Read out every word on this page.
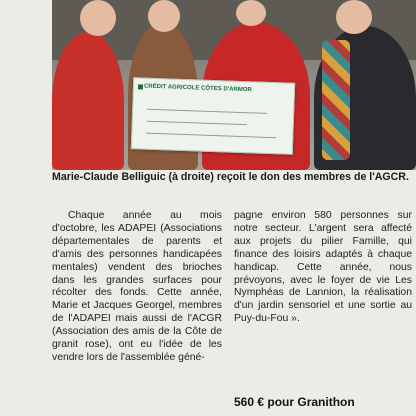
CRÉDIT AGRICOLE CÔTES D'ARMOR
Marie-Claude Belliguic (à droite) reçoit le don des membres de l'AGCR.

Chaque année au mois d'octobre, les ADAPEI (Associations départementales de parents et d'amis des personnes handicapées mentales) vendent des brioches dans les grandes surfaces pour récolter des fonds. Cette année, Marie et Jacques Georgel, membres de l'ADAPEI mais aussi de l'ACGR (Association des amis de la Côte de granit rose), ont eu l'idée de les vendre lors de l'assemblée géné-

pagne environ 580 personnes sur notre secteur. L'argent sera affecté aux projets du pilier Famille, qui finance des loisirs adaptés à chaque handicap. Cette année, nous prévoyons, avec le foyer de vie Les Nymphéas de Lannion, la réalisation d'un jardin sensoriel et une sortie au Puy-du-Fou ».

560 € pour Granithon
